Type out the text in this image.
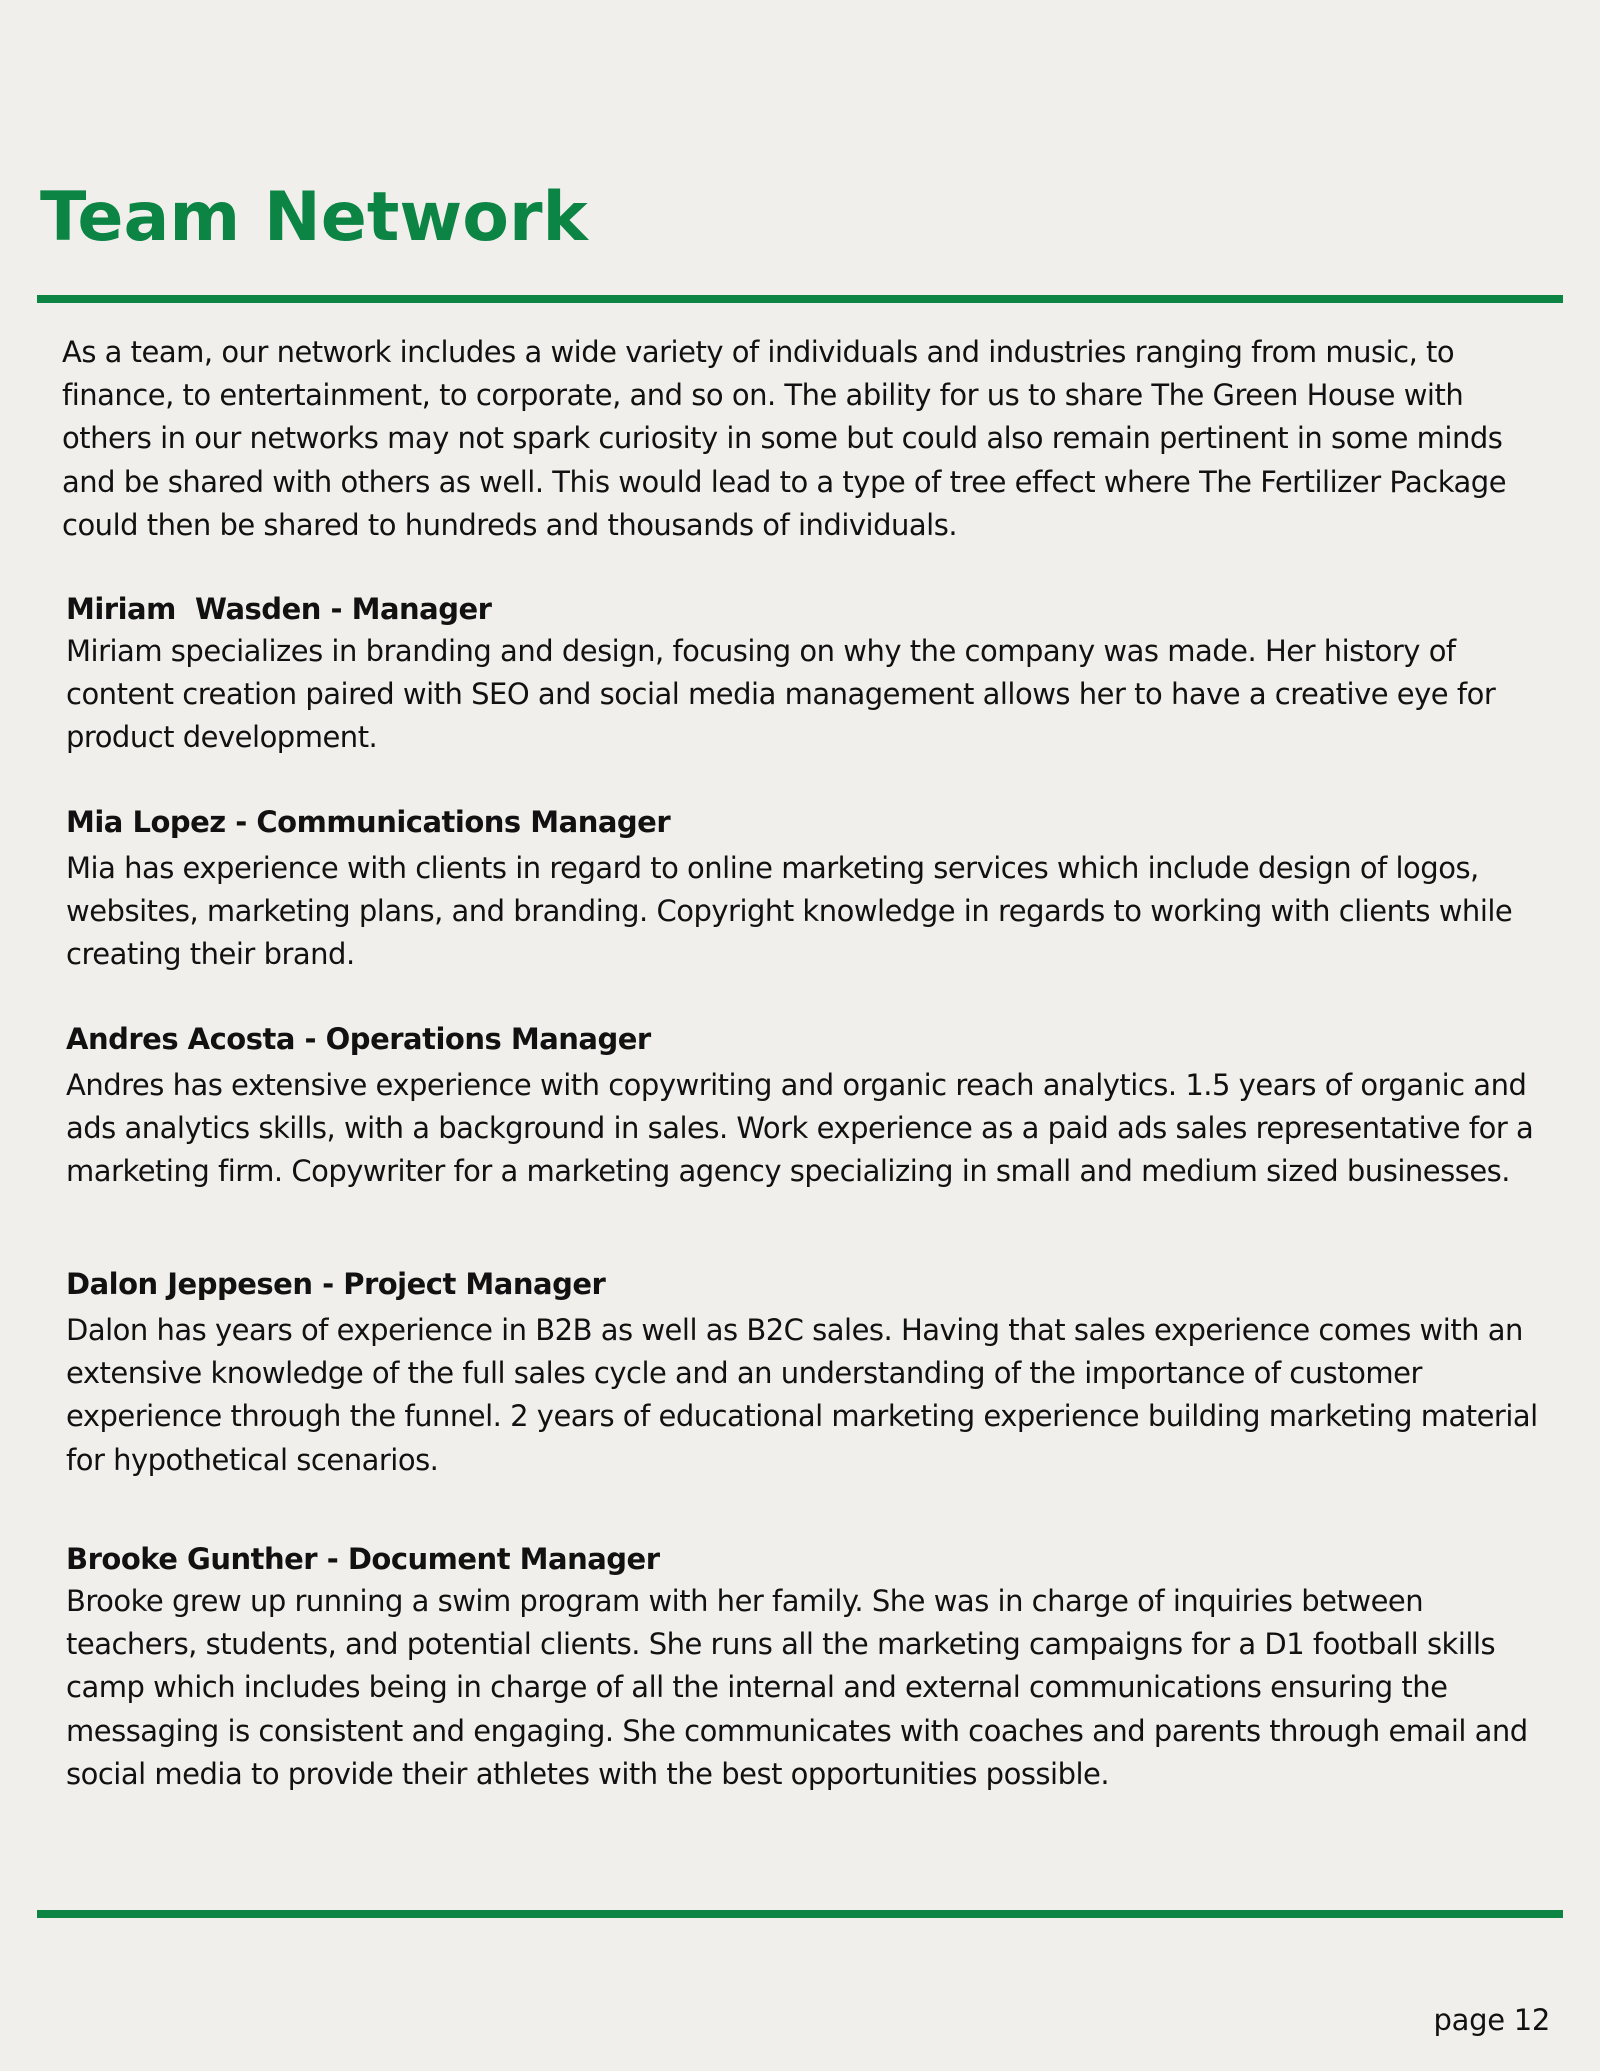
Team Network

As a team, our network includes a wide variety of individuals and industries ranging from music, to finance, to entertainment, to corporate, and so on. The ability for us to share The Green House with others in our networks may not spark curiosity in some but could also remain pertinent in some minds and be shared with others as well. This would lead to a type of tree effect where The Fertilizer Package could then be shared to hundreds and thousands of individuals.

Miriam  Wasden - Manager

Miriam specializes in branding and design, focusing on why the company was made. Her history of content creation paired with SEO and social media management allows her to have a creative eye for product development.

Mia Lopez - Communications Manager

Mia has experience with clients in regard to online marketing services which include design of logos, websites, marketing plans, and branding. Copyright knowledge in regards to working with clients while creating their brand.

Andres Acosta - Operations Manager

Andres has extensive experience with copywriting and organic reach analytics. 1.5 years of organic and ads analytics skills, with a background in sales. Work experience as a paid ads sales representative for a marketing firm. Copywriter for a marketing agency specializing in small and medium sized businesses.

Dalon Jeppesen - Project Manager

Dalon has years of experience in B2B as well as B2C sales. Having that sales experience comes with an extensive knowledge of the full sales cycle and an understanding of the importance of customer experience through the funnel. 2 years of educational marketing experience building marketing material for hypothetical scenarios.

Brooke Gunther - Document Manager

Brooke grew up running a swim program with her family. She was in charge of inquiries between teachers, students, and potential clients. She runs all the marketing campaigns for a D1 football skills camp which includes being in charge of all the internal and external communications ensuring the messaging is consistent and engaging. She communicates with coaches and parents through email and social media to provide their athletes with the best opportunities possible.

page 12
